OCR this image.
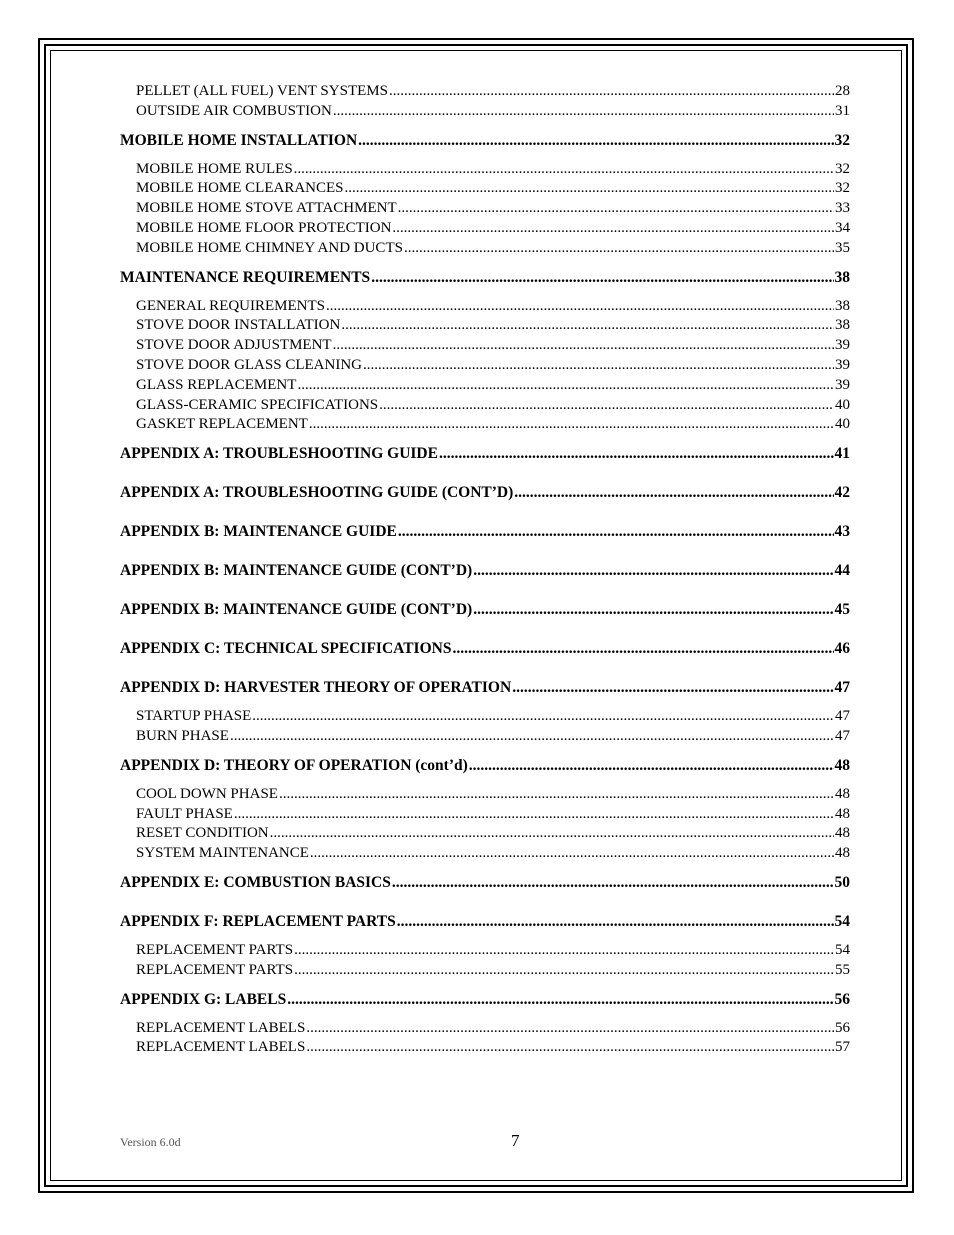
PELLET (ALL FUEL) VENT SYSTEMS .....	28
OUTSIDE AIR COMBUSTION .....	31
MOBILE HOME INSTALLATION .....	32
MOBILE HOME RULES .....	32
MOBILE HOME CLEARANCES .....	32
MOBILE HOME STOVE ATTACHMENT .....	33
MOBILE HOME FLOOR PROTECTION .....	34
MOBILE HOME CHIMNEY AND DUCTS .....	35
MAINTENANCE REQUIREMENTS .....	38
GENERAL REQUIREMENTS .....	38
STOVE DOOR INSTALLATION .....	38
STOVE DOOR ADJUSTMENT .....	39
STOVE DOOR GLASS CLEANING .....	39
GLASS REPLACEMENT .....	39
GLASS-CERAMIC SPECIFICATIONS .....	40
GASKET REPLACEMENT .....	40
APPENDIX A: TROUBLESHOOTING GUIDE .....	41
APPENDIX A: TROUBLESHOOTING GUIDE (CONT’D) .....	42
APPENDIX B: MAINTENANCE GUIDE .....	43
APPENDIX B: MAINTENANCE GUIDE (CONT’D) .....	44
APPENDIX B: MAINTENANCE GUIDE (CONT’D) .....	45
APPENDIX C: TECHNICAL SPECIFICATIONS .....	46
APPENDIX D: HARVESTER THEORY OF OPERATION .....	47
STARTUP PHASE .....	47
BURN PHASE .....	47
APPENDIX D: THEORY OF OPERATION (cont’d) .....	48
COOL DOWN PHASE .....	48
FAULT PHASE .....	48
RESET CONDITION .....	48
SYSTEM MAINTENANCE .....	48
APPENDIX E: COMBUSTION BASICS .....	50
APPENDIX F: REPLACEMENT PARTS .....	54
REPLACEMENT PARTS .....	54
REPLACEMENT PARTS .....	55
APPENDIX G: LABELS .....	56
REPLACEMENT LABELS .....	56
REPLACEMENT LABELS .....	57
Version 6.0d	7
